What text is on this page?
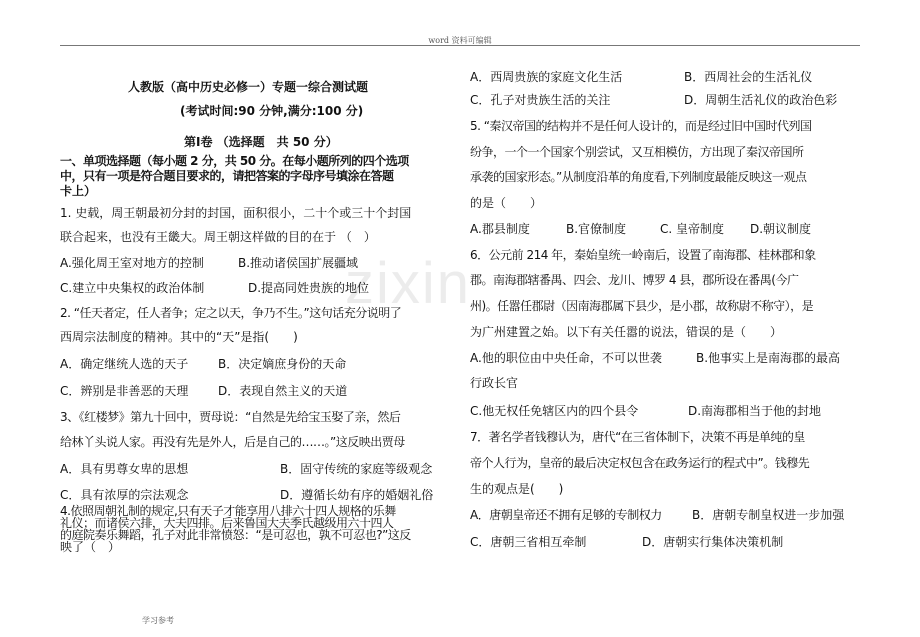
zixin
word 资料可编辑
人教版（高中历史必修一）专题一综合测试题
(考试时间:90 分钟,满分:100 分)
第Ⅰ卷 （选择题　共 50 分）
一、单项选择题（每小题 2 分，共 50 分。在每小题所列的四个选项
中，只有一项是符合题目要求的，请把答案的字母序号填涂在答题
卡上）
1. 史载，周王朝最初分封的封国，面积很小，二十个或三十个封国
联合起来，也没有王畿大。周王朝这样做的目的在于 （　）
A.强化周王室对地方的控制	B.推动诸侯国扩展疆域
C.建立中央集权的政治体制	D.提高同姓贵族的地位
2. “任天者定，任人者争；定之以天，争乃不生。”这句话充分说明了
西周宗法制度的精神。其中的“天”是指(　　)
A．确定继统人选的天子 B．决定嫡庶身份的天命
C．辨别是非善恶的天理 D．表现自然主义的天道
3、《红楼梦》第九十回中，贾母说：“自然是先给宝玉娶了亲，然后
给林丫头说人家。再没有先是外人，后是自己的……。”这反映出贾母
A．具有男尊女卑的思想	B．固守传统的家庭等级观念
C．具有浓厚的宗法观念	D．遵循长幼有序的婚姻礼俗
4.依照周朝礼制的规定,只有天子才能享用八排六十四人规格的乐舞
礼仪；而诸侯六排，大夫四排。后来鲁国大夫季氏越级用六十四人
的庭院奏乐舞蹈，孔子对此非常愤怒：“是可忍也，孰不可忍也?”这反
映了（　）
A．西周贵族的家庭文化生活	B．西周社会的生活礼仪
C．孔子对贵族生活的关注	D．周朝生活礼仪的政治色彩
5. “秦汉帝国的结构并不是任何人设计的，而是经过旧中国时代列国
纷争，一个一个国家个别尝试，又互相模仿，方出现了秦汉帝国所
承袭的国家形态。”从制度沿革的角度看,下列制度最能反映这一观点
的是（　　）
A.郡县制度	B.官僚制度	C. 皇帝制度 D.朝议制度
6．公元前 214 年，秦始皇统一岭南后，设置了南海郡、桂林郡和象
郡。南海郡辖番禺、四会、龙川、博罗 4 县，郡所设在番禺(今广
州)。任嚣任郡尉（因南海郡属下县少，是小郡，故称尉不称守），是
为广州建置之始。以下有关任嚣的说法，错误的是（　　）
A.他的职位由中央任命，不可以世袭	B.他事实上是南海郡的最高
行政长官
C.他无权任免辖区内的四个县令	D.南海郡相当于他的封地
7．著名学者钱穆认为，唐代“在三省体制下，决策不再是单纯的皇
帝个人行为，皇帝的最后决定权包含在政务运行的程式中”。钱穆先
生的观点是(　　)
A．唐朝皇帝还不拥有足够的专制权力	B．唐朝专制皇权进一步加强
C．唐朝三省相互牵制	D．唐朝实行集体决策机制
学习参考
